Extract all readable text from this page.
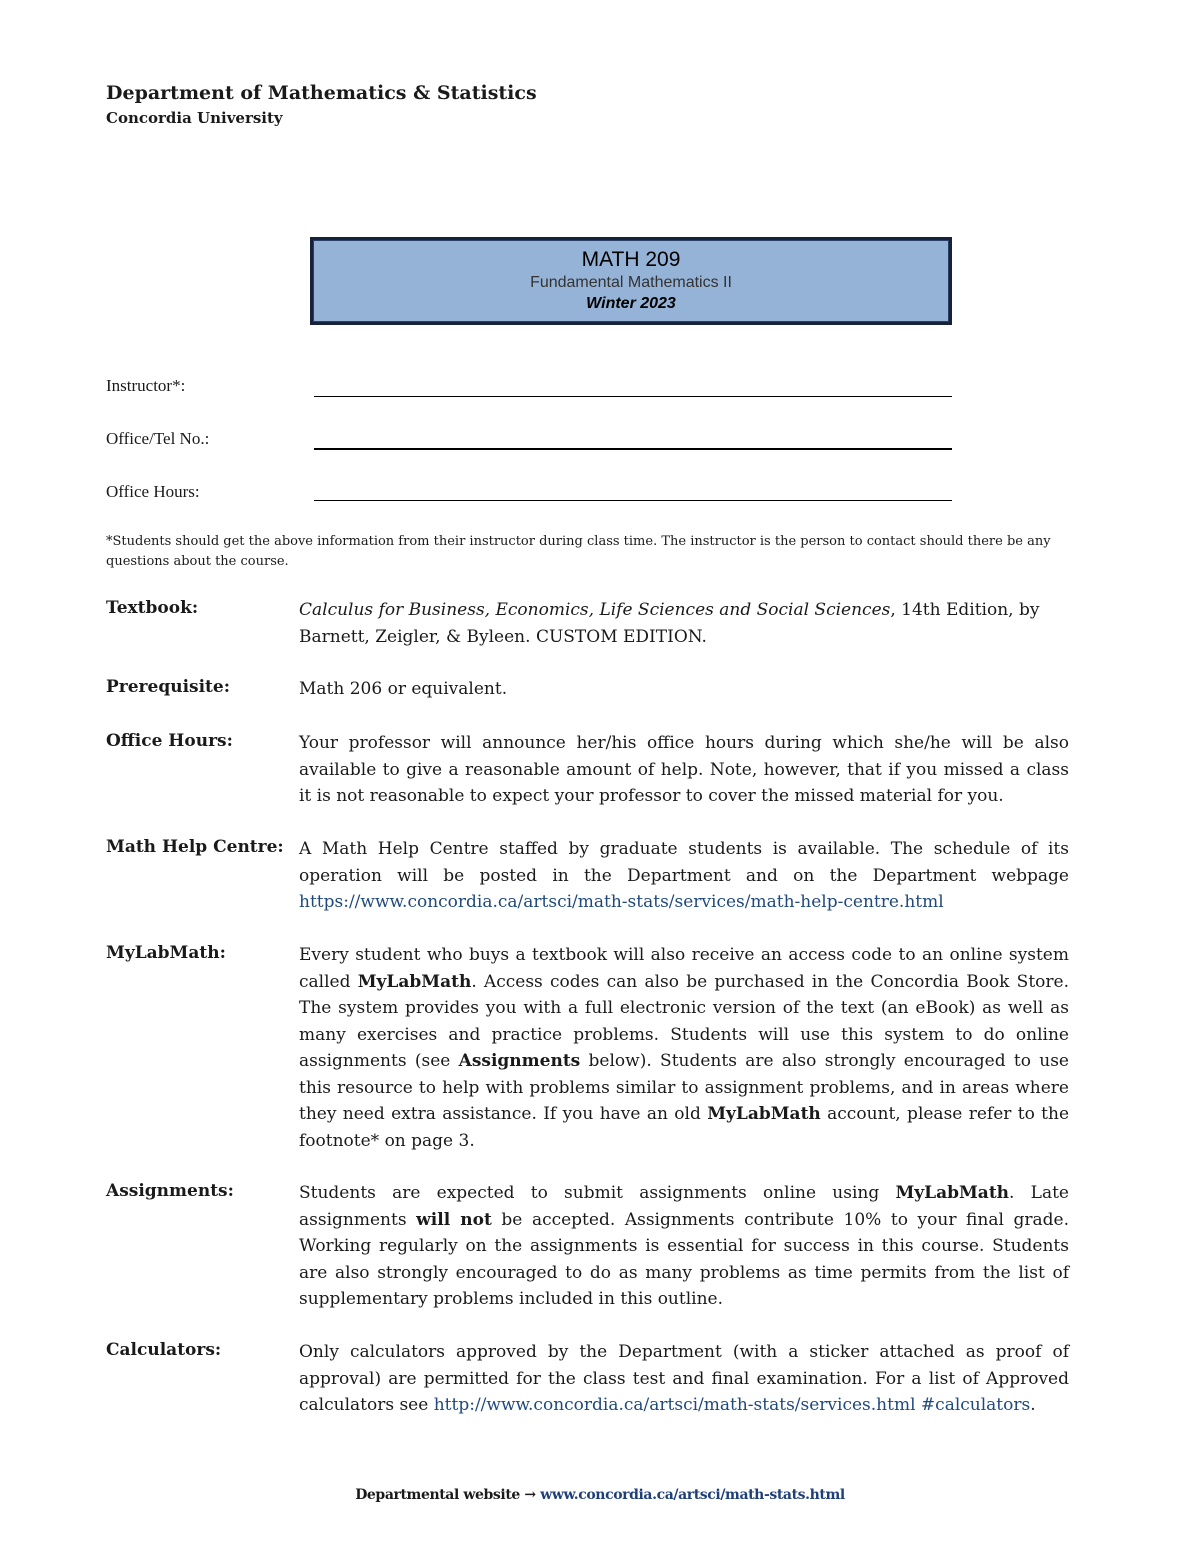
Department of Mathematics & Statistics
Concordia University
MATH 209
Fundamental Mathematics II
Winter 2023
Instructor*:
Office/Tel No.:
Office Hours:
*Students should get the above information from their instructor during class time. The instructor is the person to contact should there be any questions about the course.
Textbook:	Calculus for Business, Economics, Life Sciences and Social Sciences, 14th Edition, by Barnett, Zeigler, & Byleen. CUSTOM EDITION.
Prerequisite:	Math 206 or equivalent.
Office Hours:	Your professor will announce her/his office hours during which she/he will be also available to give a reasonable amount of help. Note, however, that if you missed a class it is not reasonable to expect your professor to cover the missed material for you.
Math Help Centre: A Math Help Centre staffed by graduate students is available. The schedule of its operation will be posted in the Department and on the Department webpage https://www.concordia.ca/artsci/math-stats/services/math-help-centre.html
MyLabMath:	Every student who buys a textbook will also receive an access code to an online system called MyLabMath. Access codes can also be purchased in the Concordia Book Store. The system provides you with a full electronic version of the text (an eBook) as well as many exercises and practice problems. Students will use this system to do online assignments (see Assignments below). Students are also strongly encouraged to use this resource to help with problems similar to assignment problems, and in areas where they need extra assistance. If you have an old MyLabMath account, please refer to the footnote* on page 3.
Assignments:	Students are expected to submit assignments online using MyLabMath. Late assignments will not be accepted. Assignments contribute 10% to your final grade. Working regularly on the assignments is essential for success in this course. Students are also strongly encouraged to do as many problems as time permits from the list of supplementary problems included in this outline.
Calculators:	Only calculators approved by the Department (with a sticker attached as proof of approval) are permitted for the class test and final examination. For a list of Approved calculators see http://www.concordia.ca/artsci/math-stats/services.html #calculators.
Departmental website → www.concordia.ca/artsci/math-stats.html
